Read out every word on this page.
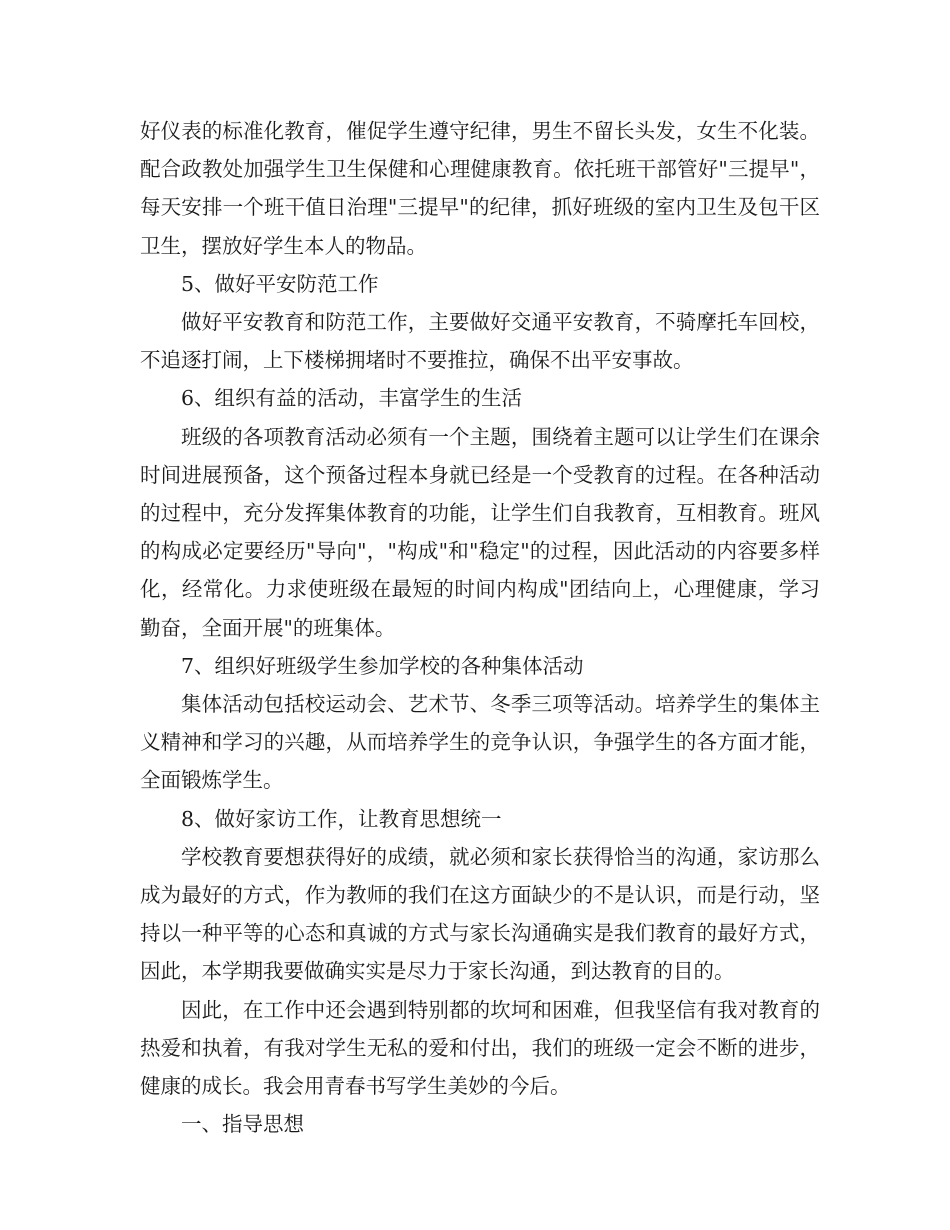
好仪表的标准化教育，催促学生遵守纪律，男生不留长头发，女生不化装。配合政教处加强学生卫生保健和心理健康教育。依托班干部管好"三提早"，每天安排一个班干值日治理"三提早"的纪律，抓好班级的室内卫生及包干区卫生，摆放好学生本人的物品。

5、做好平安防范工作

做好平安教育和防范工作，主要做好交通平安教育，不骑摩托车回校，不追逐打闹，上下楼梯拥堵时不要推拉，确保不出平安事故。

6、组织有益的活动，丰富学生的生活

班级的各项教育活动必须有一个主题，围绕着主题可以让学生们在课余时间进展预备，这个预备过程本身就已经是一个受教育的过程。在各种活动的过程中，充分发挥集体教育的功能，让学生们自我教育，互相教育。班风的构成必定要经历"导向"，"构成"和"稳定"的过程，因此活动的内容要多样化，经常化。力求使班级在最短的时间内构成"团结向上，心理健康，学习勤奋，全面开展"的班集体。

7、组织好班级学生参加学校的各种集体活动

集体活动包括校运动会、艺术节、冬季三项等活动。培养学生的集体主义精神和学习的兴趣，从而培养学生的竞争认识，争强学生的各方面才能，全面锻炼学生。

8、做好家访工作，让教育思想统一

学校教育要想获得好的成绩，就必须和家长获得恰当的沟通，家访那么成为最好的方式，作为教师的我们在这方面缺少的不是认识，而是行动，坚持以一种平等的心态和真诚的方式与家长沟通确实是我们教育的最好方式，因此，本学期我要做确实实是尽力于家长沟通，到达教育的目的。

因此，在工作中还会遇到特别都的坎坷和困难，但我坚信有我对教育的热爱和执着，有我对学生无私的爱和付出，我们的班级一定会不断的进步，健康的成长。我会用青春书写学生美妙的今后。

一、指导思想
